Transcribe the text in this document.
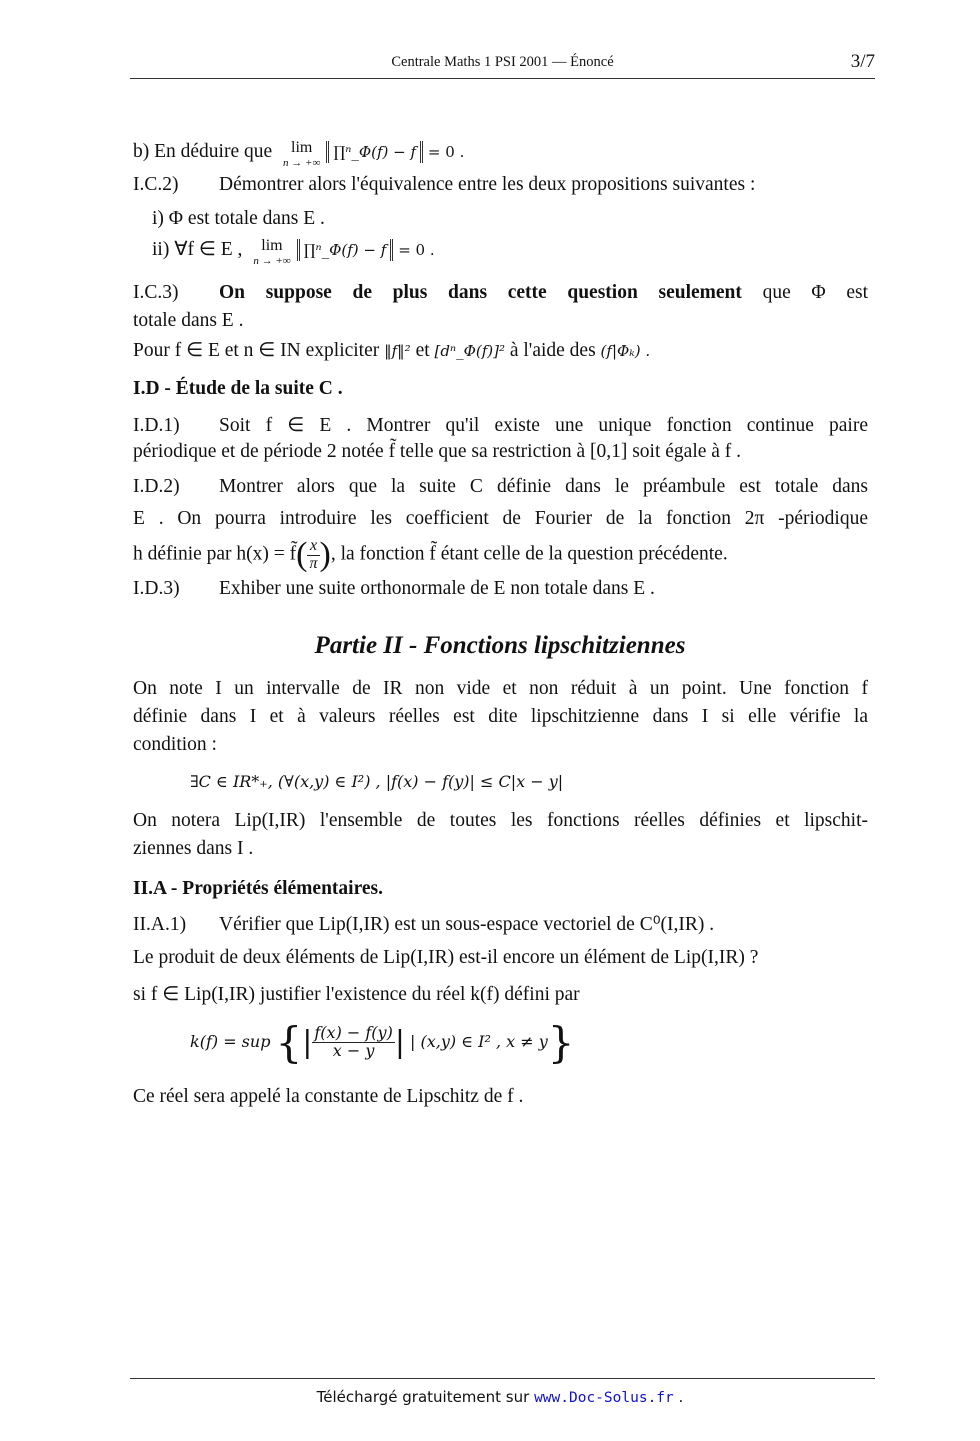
Centrale Maths 1 PSI 2001 — Énoncé	3/7
b) En déduire que	lim
n → +∞
∏ⁿ_Φ(f) − f = 0 .
I.C.2) Démontrer alors l'équivalence entre les deux propositions suivantes :
i) Φ est totale dans E .
ii) ∀f ∈ E ,	lim
n → +∞
∏ⁿ_Φ(f) − f = 0 .
I.C.3) On suppose de plus dans cette question seulement que Φ est
totale dans E .
Pour f ∈ E et n ∈ IN expliciter ‖f‖² et [dⁿ_Φ(f)]² à l'aide des (f|Φₖ) .
I.D - Étude de la suite C .
I.D.1) Soit f ∈ E . Montrer qu'il existe une unique fonction continue paire
périodique et de période 2 notée f̃ telle que sa restriction à [0,1] soit égale à f .
I.D.2) Montrer alors que la suite C définie dans le préambule est totale dans
E . On pourra introduire les coefficient de Fourier de la fonction 2π -périodique
h définie par h(x) = f̃( $\frac{x}{\pi}$ ), la fonction f̃ étant celle de la question précédente.
I.D.3) Exhiber une suite orthonormale de E non totale dans E .
Partie II - Fonctions lipschitziennes
On note I un intervalle de IR non vide et non réduit à un point. Une fonction f
définie dans I et à valeurs réelles est dite lipschitzienne dans I si elle vérifie la
condition :
∃C ∈ IR*₊, (∀(x,y) ∈ I²) , |f(x) − f(y)| ≤ C|x − y|
On notera Lip(I,IR) l'ensemble de toutes les fonctions réelles définies et lipschit-
ziennes dans I .
II.A - Propriétés élémentaires.
II.A.1) Vérifier que Lip(I,IR) est un sous-espace vectoriel de C⁰(I,IR) .
Le produit de deux éléments de Lip(I,IR) est-il encore un élément de Lip(I,IR) ?
si f ∈ Lip(I,IR) justifier l'existence du réel k(f) défini par
k(f) = sup {| $\frac{f(x) - f(y)}{x - y}$ | | (x,y) ∈ I² , x ≠ y}
Ce réel sera appelé la constante de Lipschitz de f .
Téléchargé gratuitement sur www.Doc-Solus.fr .
